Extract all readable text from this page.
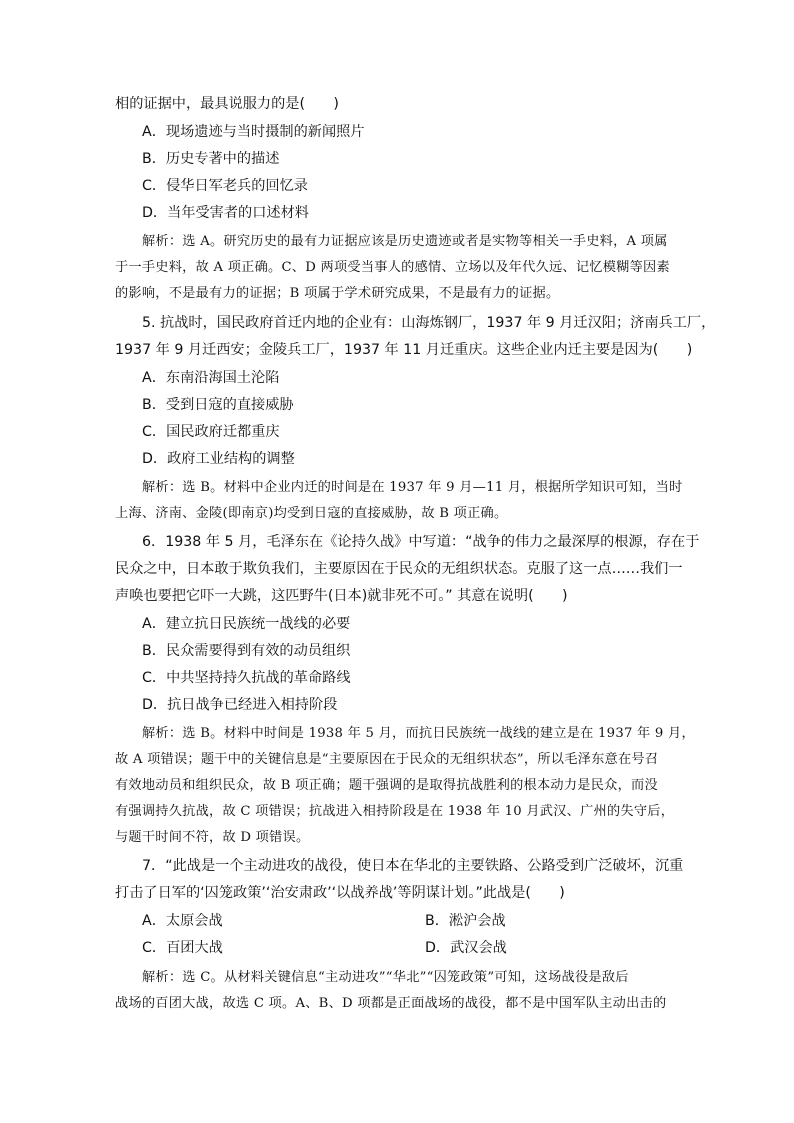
相的证据中，最具说服力的是(　　)
A．现场遗迹与当时摄制的新闻照片
B．历史专著中的描述
C．侵华日军老兵的回忆录
D．当年受害者的口述材料
解析：选 A。研究历史的最有力证据应该是历史遗迹或者是实物等相关一手史料，A 项属
于一手史料，故 A 项正确。C、D 两项受当事人的感情、立场以及年代久远、记忆模糊等因素
的影响，不是最有力的证据；B 项属于学术研究成果，不是最有力的证据。
5. 抗战时，国民政府首迁内地的企业有：山海炼钢厂，1937 年 9 月迁汉阳；济南兵工厂，
1937 年 9 月迁西安；金陵兵工厂，1937 年 11 月迁重庆。这些企业内迁主要是因为(　　)
A．东南沿海国土沦陷
B．受到日寇的直接威胁
C．国民政府迁都重庆
D．政府工业结构的调整
解析：选 B。材料中企业内迁的时间是在 1937 年 9 月—11 月，根据所学知识可知，当时
上海、济南、金陵(即南京)均受到日寇的直接威胁，故 B 项正确。
6．1938 年 5 月，毛泽东在《论持久战》中写道：“战争的伟力之最深厚的根源，存在于
民众之中，日本敢于欺负我们，主要原因在于民众的无组织状态。克服了这一点……我们一
声唤也要把它吓一大跳，这匹野牛(日本)就非死不可。” 其意在说明(　　)
A．建立抗日民族统一战线的必要
B．民众需要得到有效的动员组织
C．中共坚持持久抗战的革命路线
D．抗日战争已经进入相持阶段
解析：选 B。材料中时间是 1938 年 5 月，而抗日民族统一战线的建立是在 1937 年 9 月，
故 A 项错误；题干中的关键信息是“主要原因在于民众的无组织状态”，所以毛泽东意在号召
有效地动员和组织民众，故 B 项正确；题干强调的是取得抗战胜利的根本动力是民众，而没
有强调持久抗战，故 C 项错误；抗战进入相持阶段是在 1938 年 10 月武汉、广州的失守后，
与题干时间不符，故 D 项错误。
7．“此战是一个主动进攻的战役，使日本在华北的主要铁路、公路受到广泛破坏，沉重
打击了日军的‘囚笼政策’‘治安肃政’‘以战养战’等阴谋计划。”此战是(　　)
A．太原会战	B．淞沪会战
C．百团大战	D．武汉会战
解析：选 C。从材料关键信息“主动进攻”“华北”“囚笼政策”可知，这场战役是敌后
战场的百团大战，故选 C 项。A、B、D 项都是正面战场的战役，都不是中国军队主动出击的
